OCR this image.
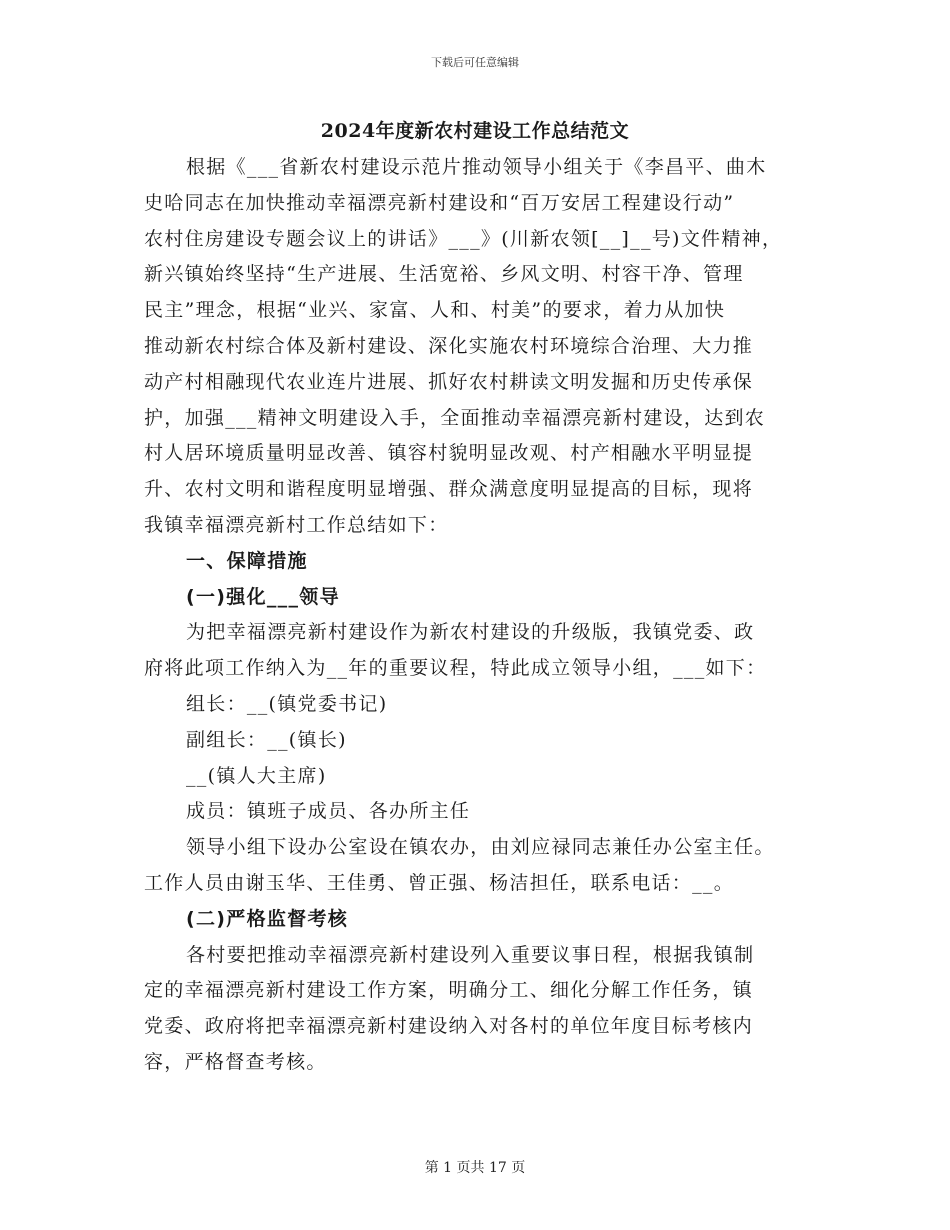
下载后可任意编辑
2024年度新农村建设工作总结范文
根据《___省新农村建设示范片推动领导小组关于《李昌平、曲木
史哈同志在加快推动幸福漂亮新村建设和“百万安居工程建设行动”
农村住房建设专题会议上的讲话》___》(川新农领[__]__号)文件精神，
新兴镇始终坚持“生产进展、生活宽裕、乡风文明、村容干净、管理
民主”理念，根据“业兴、家富、人和、村美”的要求，着力从加快
推动新农村综合体及新村建设、深化实施农村环境综合治理、大力推
动产村相融现代农业连片进展、抓好农村耕读文明发掘和历史传承保
护，加强___精神文明建设入手，全面推动幸福漂亮新村建设，达到农
村人居环境质量明显改善、镇容村貌明显改观、村产相融水平明显提
升、农村文明和谐程度明显增强、群众满意度明显提高的目标，现将
我镇幸福漂亮新村工作总结如下：
一、保障措施
(一)强化___领导
为把幸福漂亮新村建设作为新农村建设的升级版，我镇党委、政
府将此项工作纳入为__年的重要议程，特此成立领导小组，___如下：
组长：__(镇党委书记)
副组长：__(镇长)
__(镇人大主席)
成员：镇班子成员、各办所主任
领导小组下设办公室设在镇农办，由刘应禄同志兼任办公室主任。
工作人员由谢玉华、王佳勇、曾正强、杨洁担任，联系电话：__。
(二)严格监督考核
各村要把推动幸福漂亮新村建设列入重要议事日程，根据我镇制
定的幸福漂亮新村建设工作方案，明确分工、细化分解工作任务，镇
党委、政府将把幸福漂亮新村建设纳入对各村的单位年度目标考核内
容，严格督查考核。
第 1 页共 17 页
